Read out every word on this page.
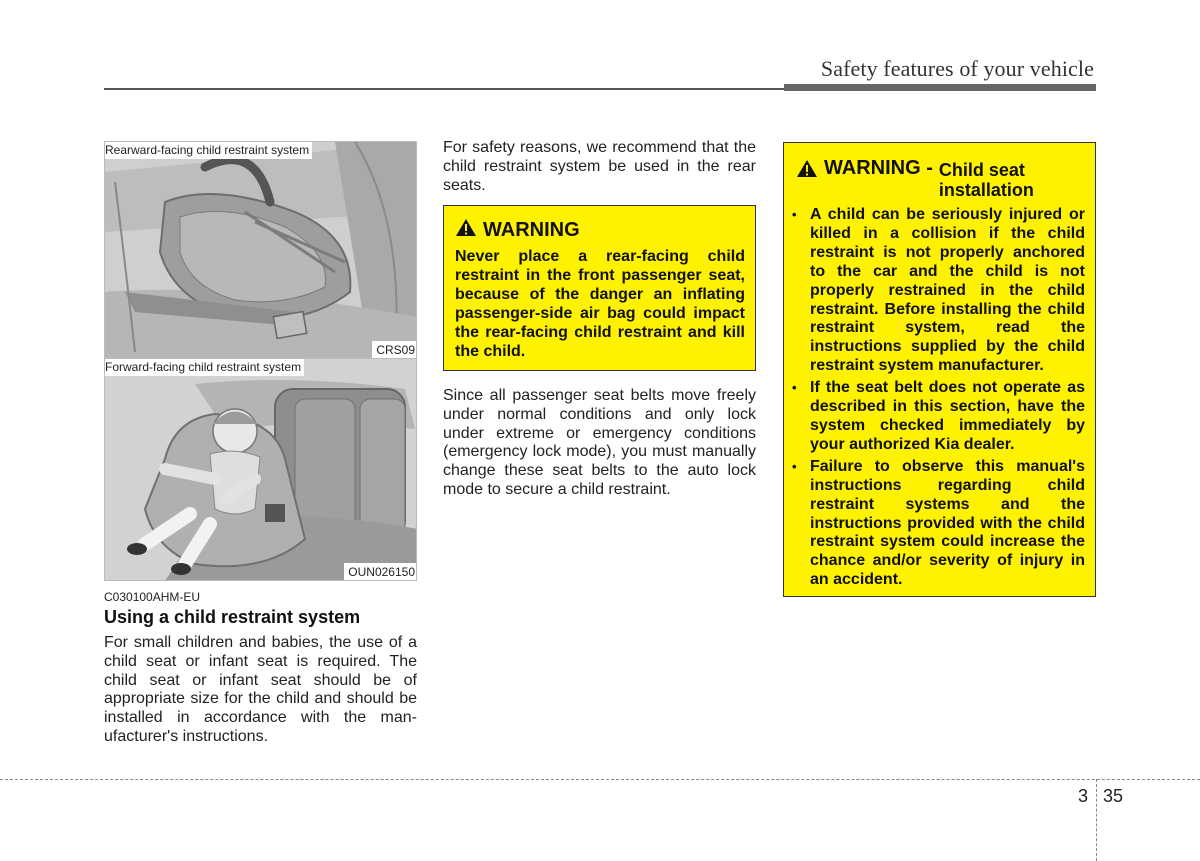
Safety features of your vehicle
Rearward-facing child restraint system
CRS09
Forward-facing child restraint system
OUN026150
C030100AHM-EU
Using a child restraint system
For small children and babies, the use of a child seat or infant seat is required. The child seat or infant seat should be of appropriate size for the child and should be installed in accordance with the manufacturer's instructions.
For safety reasons, we recommend that the child restraint system be used in the rear seats.
WARNING
Never place a rear-facing child restraint in the front passenger seat, because of the danger an inflating passenger-side air bag could impact the rear-facing child restraint and kill the child.
Since all passenger seat belts move freely under normal conditions and only lock under extreme or emergency conditions (emergency lock mode), you must manually change these seat belts to the auto lock mode to secure a child restraint.
WARNING - Child seat
installation
• A child can be seriously injured or killed in a collision if the child restraint is not properly anchored to the car and the child is not properly restrained in the child restraint. Before installing the child restraint system, read the instructions supplied by the child restraint system manufacturer.
• If the seat belt does not operate as described in this section, have the system checked immediately by your authorized Kia dealer.
• Failure to observe this manual's instructions regarding child restraint systems and the instructions provided with the child restraint system could increase the chance and/or severity of injury in an accident.
3 35
